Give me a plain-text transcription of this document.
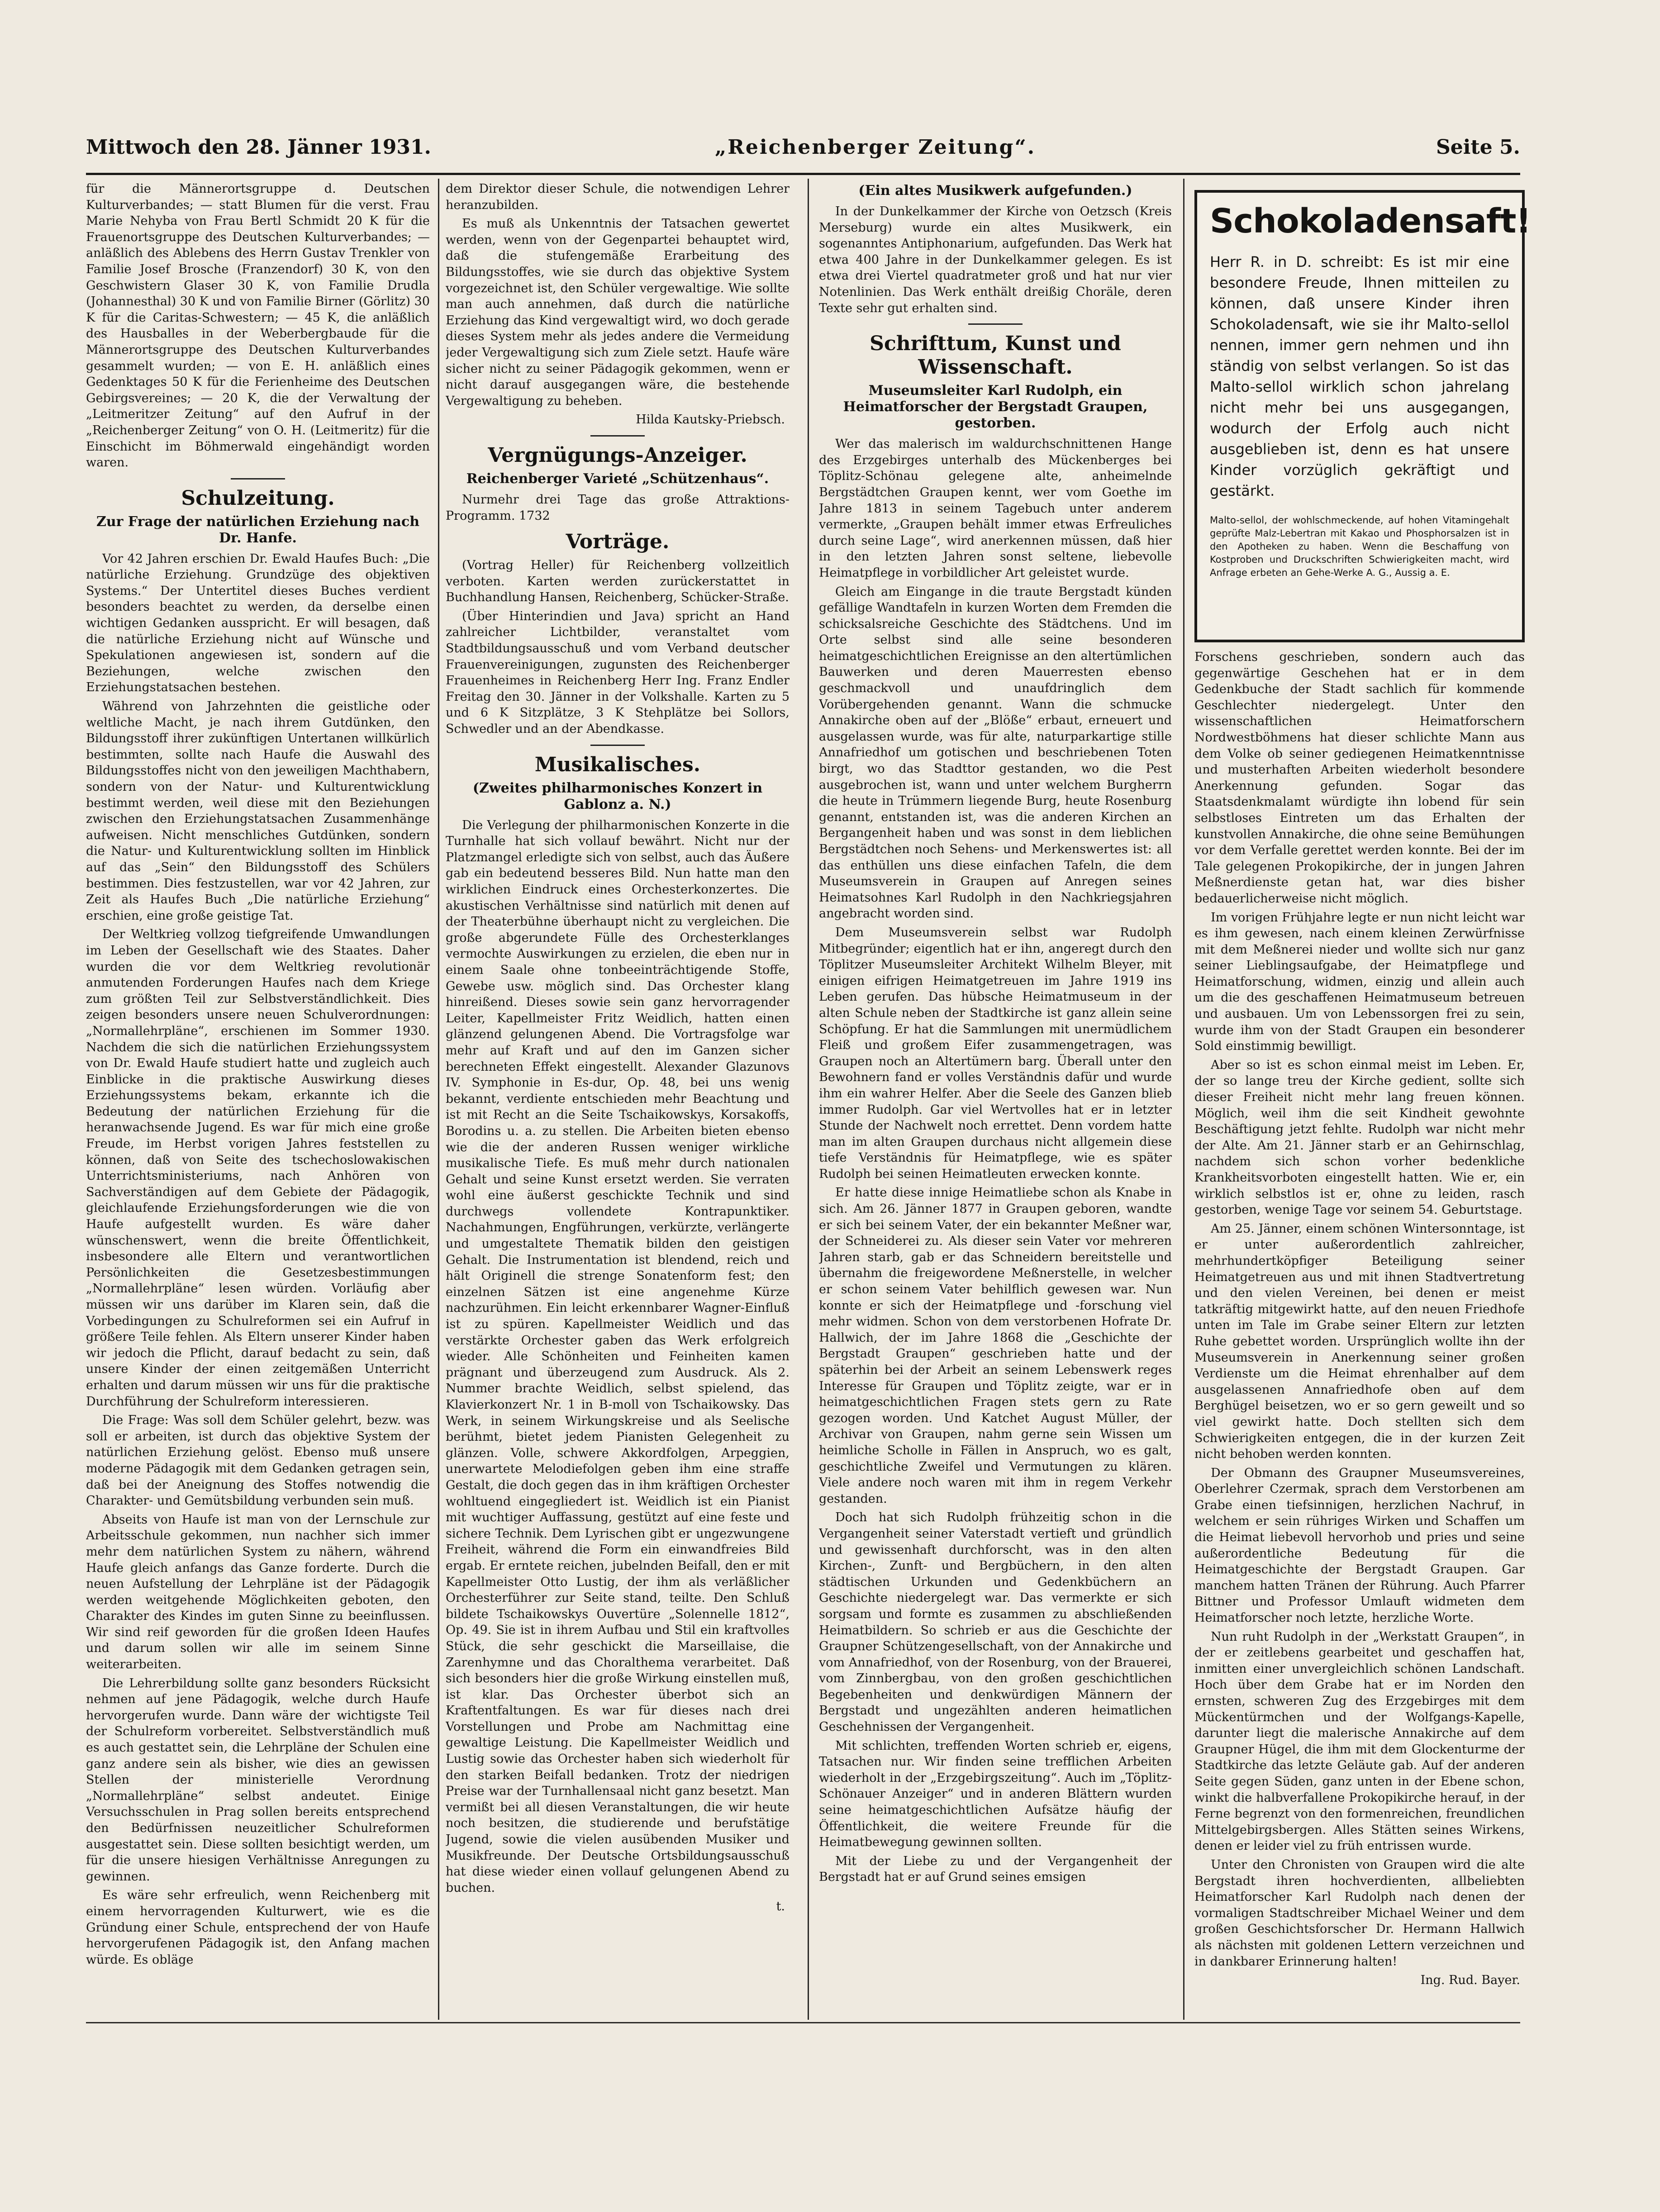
Mittwoch den 28. Jänner 1931.	„Reichenberger Zeitung“.	Seite 5.

für die Männerortsgruppe d. Deutschen Kulturverbandes; — statt Blumen für die verst. Frau Marie Nehyba von Frau Bertl Schmidt 20 K für die Frauenortsgruppe des Deutschen Kulturverbandes; — anläßlich des Ablebens des Herrn Gustav Trenkler von Familie Josef Brosche (Franzendorf) 30 K, von den Geschwistern Glaser 30 K, von Familie Drudla (Johannesthal) 30 K und von Familie Birner (Görlitz) 30 K für die Caritas-Schwestern; — 45 K, die anläßlich des Hausballes in der Weberbergbaude für die Männerortsgruppe des Deutschen Kulturverbandes gesammelt wurden; — von E. H. anläßlich eines Gedenktages 50 K für die Ferienheime des Deutschen Gebirgsvereines; — 20 K, die der Verwaltung der „Leitmeritzer Zeitung“ auf den Aufruf in der „Reichenberger Zeitung“ von O. H. (Leitmeritz) für die Einschicht im Böhmerwald eingehändigt worden waren.

Schulzeitung.
Zur Frage der natürlichen Erziehung nach Dr. Hanfe.

Vor 42 Jahren erschien Dr. Ewald Haufes Buch: „Die natürliche Erziehung. Grundzüge des objektiven Systems.“ Der Untertitel dieses Buches verdient besonders beachtet zu werden, da derselbe einen wichtigen Gedanken ausspricht. Er will besagen, daß die natürliche Erziehung nicht auf Wünsche und Spekulationen angewiesen ist, sondern auf die Beziehungen, welche zwischen den Erziehungstatsachen bestehen.

Während von Jahrzehnten die geistliche oder weltliche Macht, je nach ihrem Gutdünken, den Bildungsstoff ihrer zukünftigen Untertanen willkürlich bestimmten, sollte nach Haufe die Auswahl des Bildungsstoffes nicht von den jeweiligen Machthabern, sondern von der Natur- und Kulturentwicklung bestimmt werden, weil diese mit den Beziehungen zwischen den Erziehungstatsachen Zusammenhänge aufweisen. Nicht menschliches Gutdünken, sondern die Natur- und Kulturentwicklung sollten im Hinblick auf das „Sein“ den Bildungsstoff des Schülers bestimmen. Dies festzustellen, war vor 42 Jahren, zur Zeit als Haufes Buch „Die natürliche Erziehung“ erschien, eine große geistige Tat.

Der Weltkrieg vollzog tiefgreifende Umwandlungen im Leben der Gesellschaft wie des Staates. Daher wurden die vor dem Weltkrieg revolutionär anmutenden Forderungen Haufes nach dem Kriege zum größten Teil zur Selbstverständlichkeit. Dies zeigen besonders unsere neuen Schulverordnungen: „Normallehrpläne“, erschienen im Sommer 1930. Nachdem die sich die natürlichen Erziehungssystem von Dr. Ewald Haufe studiert hatte und zugleich auch Einblicke in die praktische Auswirkung dieses Erziehungssystems bekam, erkannte ich die Bedeutung der natürlichen Erziehung für die heranwachsende Jugend. Es war für mich eine große Freude, im Herbst vorigen Jahres feststellen zu können, daß von Seite des tschechoslowakischen Unterrichtsministeriums, nach Anhören von Sachverständigen auf dem Gebiete der Pädagogik, gleichlaufende Erziehungsforderungen wie die von Haufe aufgestellt wurden. Es wäre daher wünschenswert, wenn die breite Öffentlichkeit, insbesondere alle Eltern und verantwortlichen Persönlichkeiten die Gesetzesbestimmungen „Normallehrpläne“ lesen würden. Vorläufig aber müssen wir uns darüber im Klaren sein, daß die Vorbedingungen zu Schulreformen sei ein Aufruf in größere Teile fehlen. Als Eltern unserer Kinder haben wir jedoch die Pflicht, darauf bedacht zu sein, daß unsere Kinder der einen zeitgemäßen Unterricht erhalten und darum müssen wir uns für die praktische Durchführung der Schulreform interessieren.

Die Frage: Was soll dem Schüler gelehrt, bezw. was soll er arbeiten, ist durch das objektive System der natürlichen Erziehung gelöst. Ebenso muß unsere moderne Pädagogik mit dem Gedanken getragen sein, daß bei der Aneignung des Stoffes notwendig die Charakter- und Gemütsbildung verbunden sein muß.

Abseits von Haufe ist man von der Lernschule zur Arbeitsschule gekommen, nun nachher sich immer mehr dem natürlichen System zu nähern, während Haufe gleich anfangs das Ganze forderte. Durch die neuen Aufstellung der Lehrpläne ist der Pädagogik werden weitgehende Möglichkeiten geboten, den Charakter des Kindes im guten Sinne zu beeinflussen. Wir sind reif geworden für die großen Ideen Haufes und darum sollen wir alle im seinem Sinne weiterarbeiten.

Die Lehrerbildung sollte ganz besonders Rücksicht nehmen auf jene Pädagogik, welche durch Haufe hervorgerufen wurde. Dann wäre der wichtigste Teil der Schulreform vorbereitet. Selbstverständlich muß es auch gestattet sein, die Lehrpläne der Schulen eine ganz andere sein als bisher, wie dies an gewissen Stellen der ministerielle Verordnung „Normallehrpläne“ selbst andeutet. Einige Versuchsschulen in Prag sollen bereits entsprechend den Bedürfnissen neuzeitlicher Schulreformen ausgestattet sein. Diese sollten besichtigt werden, um für die unsere hiesigen Verhältnisse Anregungen zu gewinnen.

Es wäre sehr erfreulich, wenn Reichenberg mit einem hervorragenden Kulturwert, wie es die Gründung einer Schule, entsprechend der von Haufe hervorgerufenen Pädagogik ist, den Anfang machen würde. Es obläge

dem Direktor dieser Schule, die notwendigen Lehrer heranzubilden.

Es muß als Unkenntnis der Tatsachen gewertet werden, wenn von der Gegenpartei behauptet wird, daß die stufengemäße Erarbeitung des Bildungsstoffes, wie sie durch das objektive System vorgezeichnet ist, den Schüler vergewaltige. Wie sollte man auch annehmen, daß durch die natürliche Erziehung das Kind vergewaltigt wird, wo doch gerade dieses System mehr als jedes andere die Vermeidung jeder Vergewaltigung sich zum Ziele setzt. Haufe wäre sicher nicht zu seiner Pädagogik gekommen, wenn er nicht darauf ausgegangen wäre, die bestehende Vergewaltigung zu beheben.

Hilda Kautsky-Priebsch.
Vergnügungs-Anzeiger.
Reichenberger Varieté „Schützenhaus“.

Nurmehr drei Tage das große Attraktions-Programm. 1732

Vorträge.

(Vortrag Heller) für Reichenberg vollzeitlich verboten. Karten werden zurückerstattet in Buchhandlung Hansen, Reichenberg, Schücker-Straße.

(Über Hinterindien und Java) spricht an Hand zahlreicher Lichtbilder, veranstaltet vom Stadtbildungsausschuß und vom Verband deutscher Frauenvereinigungen, zugunsten des Reichenberger Frauenheimes in Reichenberg Herr Ing. Franz Endler Freitag den 30. Jänner in der Volkshalle. Karten zu 5 und 6 K Sitzplätze, 3 K Stehplätze bei Sollors, Schwedler und an der Abendkasse.

Musikalisches.
(Zweites philharmonisches Konzert in Gablonz a. N.)

Die Verlegung der philharmonischen Konzerte in die Turnhalle hat sich vollauf bewährt. Nicht nur der Platzmangel erledigte sich von selbst, auch das Äußere gab ein bedeutend besseres Bild. Nun hatte man den wirklichen Eindruck eines Orchesterkonzertes. Die akustischen Verhältnisse sind natürlich mit denen auf der Theaterbühne überhaupt nicht zu vergleichen. Die große abgerundete Fülle des Orchesterklanges vermochte Auswirkungen zu erzielen, die eben nur in einem Saale ohne tonbeeinträchtigende Stoffe, Gewebe usw. möglich sind. Das Orchester klang hinreißend. Dieses sowie sein ganz hervorragender Leiter, Kapellmeister Fritz Weidlich, hatten einen glänzend gelungenen Abend. Die Vortragsfolge war mehr auf Kraft und auf den im Ganzen sicher berechneten Effekt eingestellt. Alexander Glazunovs IV. Symphonie in Es-dur, Op. 48, bei uns wenig bekannt, verdiente entschieden mehr Beachtung und ist mit Recht an die Seite Tschaikowskys, Korsakoffs, Borodins u. a. zu stellen. Die Arbeiten bieten ebenso wie die der anderen Russen weniger wirkliche musikalische Tiefe. Es muß mehr durch nationalen Gehalt und seine Kunst ersetzt werden. Sie verraten wohl eine äußerst geschickte Technik und sind durchwegs vollendete Kontrapunktiker. Nachahmungen, Engführungen, verkürzte, verlängerte und umgestaltete Thematik bilden den geistigen Gehalt. Die Instrumentation ist blendend, reich und hält Originell die strenge Sonatenform fest; den einzelnen Sätzen ist eine angenehme Kürze nachzurühmen. Ein leicht erkennbarer Wagner-Einfluß ist zu spüren. Kapellmeister Weidlich und das verstärkte Orchester gaben das Werk erfolgreich wieder. Alle Schönheiten und Feinheiten kamen prägnant und überzeugend zum Ausdruck. Als 2. Nummer brachte Weidlich, selbst spielend, das Klavierkonzert Nr. 1 in B-moll von Tschaikowsky. Das Werk, in seinem Wirkungskreise und als Seelische berühmt, bietet jedem Pianisten Gelegenheit zu glänzen. Volle, schwere Akkordfolgen, Arpeggien, unerwartete Melodiefolgen geben ihm eine straffe Gestalt, die doch gegen das in ihm kräftigen Orchester wohltuend eingegliedert ist. Weidlich ist ein Pianist mit wuchtiger Auffassung, gestützt auf eine feste und sichere Technik. Dem Lyrischen gibt er ungezwungene Freiheit, während die Form ein einwandfreies Bild ergab. Er erntete reichen, jubelnden Beifall, den er mit Kapellmeister Otto Lustig, der ihm als verläßlicher Orchesterführer zur Seite stand, teilte. Den Schluß bildete Tschaikowskys Ouvertüre „Solennelle 1812“, Op. 49. Sie ist in ihrem Aufbau und Stil ein kraftvolles Stück, die sehr geschickt die Marseillaise, die Zarenhymne und das Choralthema verarbeitet. Daß sich besonders hier die große Wirkung einstellen muß, ist klar. Das Orchester überbot sich an Kraftentfaltungen. Es war für dieses nach drei Vorstellungen und Probe am Nachmittag eine gewaltige Leistung. Die Kapellmeister Weidlich und Lustig sowie das Orchester haben sich wiederholt für den starken Beifall bedanken. Trotz der niedrigen Preise war der Turnhallensaal nicht ganz besetzt. Man vermißt bei all diesen Veranstaltungen, die wir heute noch besitzen, die studierende und berufstätige Jugend, sowie die vielen ausübenden Musiker und Musikfreunde. Der Deutsche Ortsbildungsausschuß hat diese wieder einen vollauf gelungenen Abend zu buchen.

t.
(Ein altes Musikwerk aufgefunden.)

In der Dunkelkammer der Kirche von Oetzsch (Kreis Merseburg) wurde ein altes Musikwerk, ein sogenanntes Antiphonarium, aufgefunden. Das Werk hat etwa 400 Jahre in der Dunkelkammer gelegen. Es ist etwa drei Viertel quadratmeter groß und hat nur vier Notenlinien. Das Werk enthält dreißig Choräle, deren Texte sehr gut erhalten sind.

Schrifttum, Kunst und Wissenschaft.
Museumsleiter Karl Rudolph, ein Heimatforscher der Bergstadt Graupen, gestorben.

Wer das malerisch im waldurchschnittenen Hange des Erzgebirges unterhalb des Mückenberges bei Töplitz-Schönau gelegene alte, anheimelnde Bergstädtchen Graupen kennt, wer vom Goethe im Jahre 1813 in seinem Tagebuch unter anderem vermerkte, „Graupen behält immer etwas Erfreuliches durch seine Lage“, wird anerkennen müssen, daß hier in den letzten Jahren sonst seltene, liebevolle Heimatpflege in vorbildlicher Art geleistet wurde.

Gleich am Eingange in die traute Bergstadt künden gefällige Wandtafeln in kurzen Worten dem Fremden die schicksalsreiche Geschichte des Städtchens. Und im Orte selbst sind alle seine besonderen heimatgeschichtlichen Ereignisse an den altertümlichen Bauwerken und deren Mauerresten ebenso geschmackvoll und unaufdringlich dem Vorübergehenden genannt. Wann die schmucke Annakirche oben auf der „Blöße“ erbaut, erneuert und ausgelassen wurde, was für alte, naturparkartige stille Annafriedhof um gotischen und beschriebenen Toten birgt, wo das Stadttor gestanden, wo die Pest ausgebrochen ist, wann und unter welchem Burgherrn die heute in Trümmern liegende Burg, heute Rosenburg genannt, entstanden ist, was die anderen Kirchen an Bergangenheit haben und was sonst in dem lieblichen Bergstädtchen noch Sehens- und Merkenswertes ist: all das enthüllen uns diese einfachen Tafeln, die dem Museumsverein in Graupen auf Anregen seines Heimatsohnes Karl Rudolph in den Nachkriegsjahren angebracht worden sind.

Dem Museumsverein selbst war Rudolph Mitbegründer; eigentlich hat er ihn, angeregt durch den Töplitzer Museumsleiter Architekt Wilhelm Bleyer, mit einigen eifrigen Heimatgetreuen im Jahre 1919 ins Leben gerufen. Das hübsche Heimatmuseum in der alten Schule neben der Stadtkirche ist ganz allein seine Schöpfung. Er hat die Sammlungen mit unermüdlichem Fleiß und großem Eifer zusammengetragen, was Graupen noch an Altertümern barg. Überall unter den Bewohnern fand er volles Verständnis dafür und wurde ihm ein wahrer Helfer. Aber die Seele des Ganzen blieb immer Rudolph. Gar viel Wertvolles hat er in letzter Stunde der Nachwelt noch errettet. Denn vordem hatte man im alten Graupen durchaus nicht allgemein diese tiefe Verständnis für Heimatpflege, wie es später Rudolph bei seinen Heimatleuten erwecken konnte.

Er hatte diese innige Heimatliebe schon als Knabe in sich. Am 26. Jänner 1877 in Graupen geboren, wandte er sich bei seinem Vater, der ein bekannter Meßner war, der Schneiderei zu. Als dieser sein Vater vor mehreren Jahren starb, gab er das Schneidern bereitstelle und übernahm die freigewordene Meßnerstelle, in welcher er schon seinem Vater behilflich gewesen war. Nun konnte er sich der Heimatpflege und -forschung viel mehr widmen. Schon von dem verstorbenen Hofrate Dr. Hallwich, der im Jahre 1868 die „Geschichte der Bergstadt Graupen“ geschrieben hatte und der späterhin bei der Arbeit an seinem Lebenswerk reges Interesse für Graupen und Töplitz zeigte, war er in heimatgeschichtlichen Fragen stets gern zu Rate gezogen worden. Und Katchet August Müller, der Archivar von Graupen, nahm gerne sein Wissen um heimliche Scholle in Fällen in Anspruch, wo es galt, geschichtliche Zweifel und Vermutungen zu klären. Viele andere noch waren mit ihm in regem Verkehr gestanden.

Doch hat sich Rudolph frühzeitig schon in die Vergangenheit seiner Vaterstadt vertieft und gründlich und gewissenhaft durchforscht, was in den alten Kirchen-, Zunft- und Bergbüchern, in den alten städtischen Urkunden und Gedenkbüchern an Geschichte niedergelegt war. Das vermerkte er sich sorgsam und formte es zusammen zu abschließenden Heimatbildern. So schrieb er aus die Geschichte der Graupner Schützengesellschaft, von der Annakirche und vom Annafriedhof, von der Rosenburg, von der Brauerei, vom Zinnbergbau, von den großen geschichtlichen Begebenheiten und denkwürdigen Männern der Bergstadt und ungezählten anderen heimatlichen Geschehnissen der Vergangenheit.

Mit schlichten, treffenden Worten schrieb er, eigens, Tatsachen nur. Wir finden seine trefflichen Arbeiten wiederholt in der „Erzgebirgszeitung“. Auch im „Töplitz-Schönauer Anzeiger“ und in anderen Blättern wurden seine heimatgeschichtlichen Aufsätze häufig der Öffentlichkeit, die weitere Freunde für die Heimatbewegung gewinnen sollten.

Mit der Liebe zu und der Vergangenheit der Bergstadt hat er auf Grund seines emsigen

Schokoladensaft!
Herr R. in D. schreibt: Es ist mir eine besondere Freude, Ihnen mitteilen zu können, daß unsere Kinder ihren Schokoladensaft, wie sie ihr Malto-sellol nennen, immer gern nehmen und ihn ständig von selbst verlangen. So ist das Malto-sellol wirklich schon jahrelang nicht mehr bei uns ausgegangen, wodurch der Erfolg auch nicht ausgeblieben ist, denn es hat unsere Kinder vorzüglich gekräftigt und gestärkt.
Malto-sellol, der wohlschmeckende, auf hohen Vitamingehalt geprüfte Malz-Lebertran mit Kakao und Phosphorsalzen ist in den Apotheken zu haben. Wenn die Beschaffung von Kostproben und Druckschriften Schwierigkeiten macht, wird Anfrage erbeten an Gehe-Werke A. G., Aussig a. E.

Forschens geschrieben, sondern auch das gegenwärtige Geschehen hat er in dem Gedenkbuche der Stadt sachlich für kommende Geschlechter niedergelegt. Unter den wissenschaftlichen Heimatforschern Nordwestböhmens hat dieser schlichte Mann aus dem Volke ob seiner gediegenen Heimatkenntnisse und musterhaften Arbeiten wiederholt besondere Anerkennung gefunden. Sogar das Staatsdenkmalamt würdigte ihn lobend für sein selbstloses Eintreten um das Erhalten der kunstvollen Annakirche, die ohne seine Bemühungen vor dem Verfalle gerettet werden konnte. Bei der im Tale gelegenen Prokopikirche, der in jungen Jahren Meßnerdienste getan hat, war dies bisher bedauerlicherweise nicht möglich.

Im vorigen Frühjahre legte er nun nicht leicht war es ihm gewesen, nach einem kleinen Zerwürfnisse mit dem Meßnerei nieder und wollte sich nur ganz seiner Lieblingsaufgabe, der Heimatpflege und Heimatforschung, widmen, einzig und allein auch um die des geschaffenen Heimatmuseum betreuen und ausbauen. Um von Lebenssorgen frei zu sein, wurde ihm von der Stadt Graupen ein besonderer Sold einstimmig bewilligt.

Aber so ist es schon einmal meist im Leben. Er, der so lange treu der Kirche gedient, sollte sich dieser Freiheit nicht mehr lang freuen können. Möglich, weil ihm die seit Kindheit gewohnte Beschäftigung jetzt fehlte. Rudolph war nicht mehr der Alte. Am 21. Jänner starb er an Gehirnschlag, nachdem sich schon vorher bedenkliche Krankheitsvorboten eingestellt hatten. Wie er, ein wirklich selbstlos ist er, ohne zu leiden, rasch gestorben, wenige Tage vor seinem 54. Geburtstage.

Am 25. Jänner, einem schönen Wintersonntage, ist er unter außerordentlich zahlreicher, mehrhundertköpfiger Beteiligung seiner Heimatgetreuen aus und mit ihnen Stadtvertretung und den vielen Vereinen, bei denen er meist tatkräftig mitgewirkt hatte, auf den neuen Friedhofe unten im Tale im Grabe seiner Eltern zur letzten Ruhe gebettet worden. Ursprünglich wollte ihn der Museumsverein in Anerkennung seiner großen Verdienste um die Heimat ehrenhalber auf dem ausgelassenen Annafriedhofe oben auf dem Berghügel beisetzen, wo er so gern geweilt und so viel gewirkt hatte. Doch stellten sich dem Schwierigkeiten entgegen, die in der kurzen Zeit nicht behoben werden konnten.

Der Obmann des Graupner Museumsvereines, Oberlehrer Czermak, sprach dem Verstorbenen am Grabe einen tiefsinnigen, herzlichen Nachruf, in welchem er sein rühriges Wirken und Schaffen um die Heimat liebevoll hervorhob und pries und seine außerordentliche Bedeutung für die Heimatgeschichte der Bergstadt Graupen. Gar manchem hatten Tränen der Rührung. Auch Pfarrer Bittner und Professor Umlauft widmeten dem Heimatforscher noch letzte, herzliche Worte.

Nun ruht Rudolph in der „Werkstatt Graupen“, in der er zeitlebens gearbeitet und geschaffen hat, inmitten einer unvergleichlich schönen Landschaft. Hoch über dem Grabe hat er im Norden den ernsten, schweren Zug des Erzgebirges mit dem Mückentürmchen und der Wolfgangs-Kapelle, darunter liegt die malerische Annakirche auf dem Graupner Hügel, die ihm mit dem Glockenturme der Stadtkirche das letzte Geläute gab. Auf der anderen Seite gegen Süden, ganz unten in der Ebene schon, winkt die halbverfallene Prokopikirche herauf, in der Ferne begrenzt von den formenreichen, freundlichen Mittelgebirgsbergen. Alles Stätten seines Wirkens, denen er leider viel zu früh entrissen wurde.

Unter den Chronisten von Graupen wird die alte Bergstadt ihren hochverdienten, allbeliebten Heimatforscher Karl Rudolph nach denen der vormaligen Stadtschreiber Michael Weiner und dem großen Geschichtsforscher Dr. Hermann Hallwich als nächsten mit goldenen Lettern verzeichnen und in dankbarer Erinnerung halten!

Ing. Rud. Bayer.
